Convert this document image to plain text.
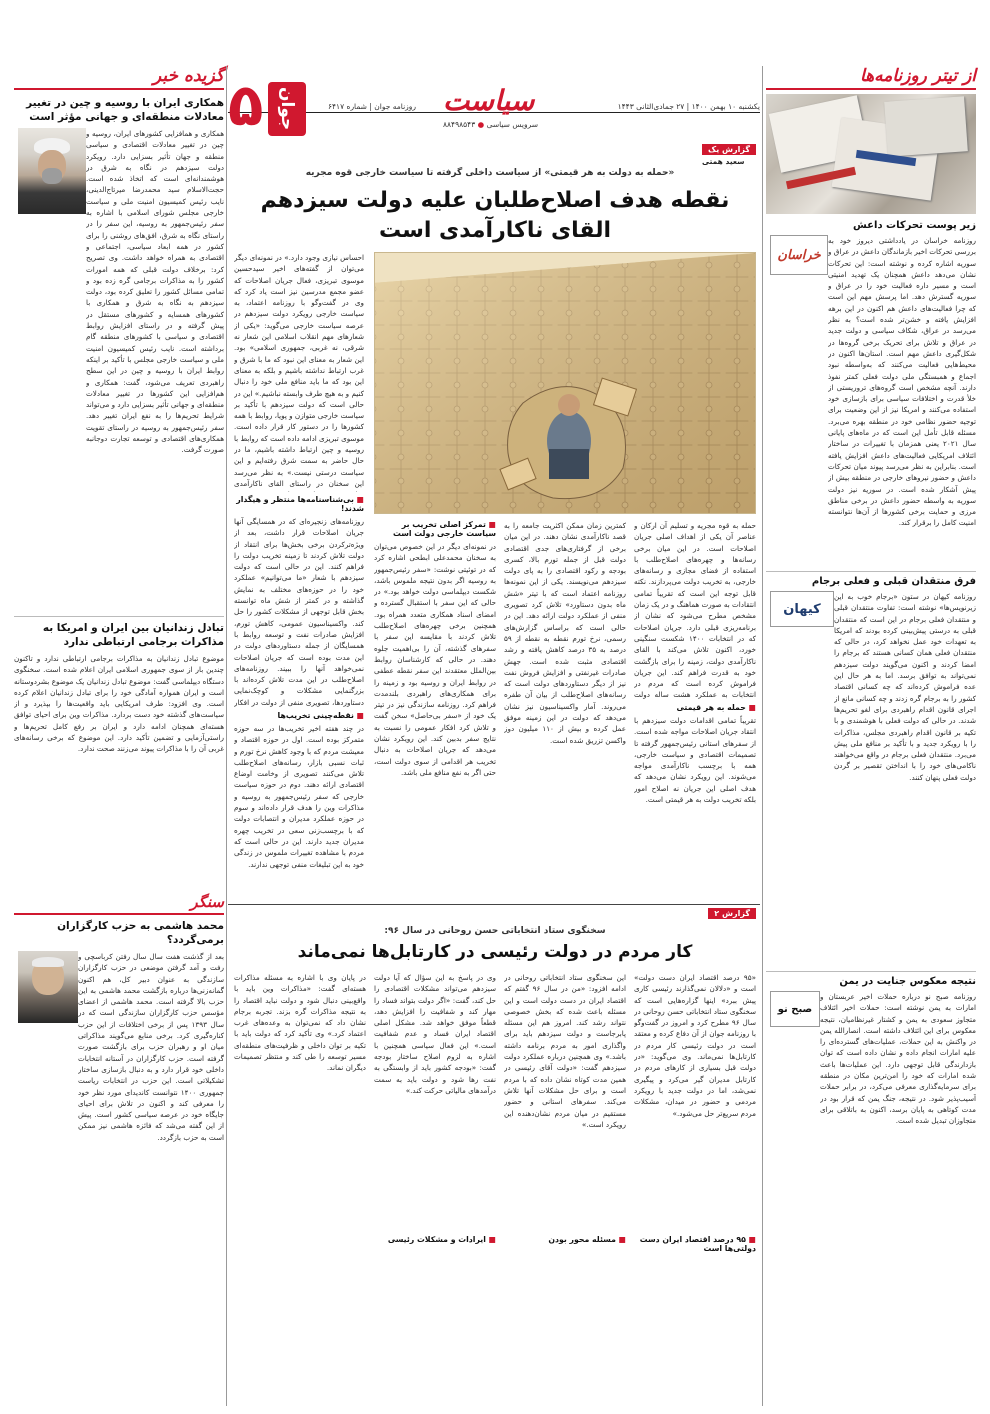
۵ جوان	سیاست
سرویس سیاسی ● ۸۸۴۹۸۵۴۳
یکشنبه ۱۰ بهمن ۱۴۰۰ | ۲۷ جمادی‌الثانی ۱۴۴۳
روزنامه جوان | شماره ۶۴۱۷
از تیتر روزنامه‌ها
زیر پوست تحرکات داعش
خراسان
روزنامه خراسان در یادداشتی دیروز خود به بررسی تحرکات اخیر بازماندگان داعش در عراق و سوریه اشاره کرده و نوشته است: این تحرکات نشان می‌دهد داعش همچنان یک تهدید امنیتی است و مسیر داره فعالیت خود را در عراق و سوریه گسترش دهد. اما پرسش مهم این است که چرا فعالیت‌های داعش هم اکنون در این برهه افزایش یافته و خشن‌تر شده است؟ به نظر می‌رسد در عراق، شکاف سیاسی و دولت جدید در عراق و تلاش برای تحریک برخی گروه‌ها در شکل‌گیری داعش مهم است. استان‌ها اکنون در محیط‌هایی فعالیت می‌کنند که به‌واسطه نبود اجماع و همبستگی ملی دولت فعلی کمتر نفوذ دارند. آنچه مشخص است گروه‌های تروریستی از خلأ قدرت و اختلافات سیاسی برای بازسازی خود استفاده می‌کنند و امریکا نیز از این وضعیت برای توجیه حضور نظامی خود در منطقه بهره می‌برد. مسئله قابل تأمل این است که در ماه‌های پایانی سال ۲۰۲۱ یعنی همزمان با تغییرات در ساختار ائتلاف امریکایی فعالیت‌های داعش افزایش یافته است. بنابراین به نظر می‌رسد پیوند میان تحرکات داعش و حضور نیروهای خارجی در منطقه بیش از پیش آشکار شده است. در سوریه نیز دولت سوریه به واسطه حضور داعش در برخی مناطق مرزی و حمایت برخی کشورها از آن‌ها نتوانسته امنیت کامل را برقرار کند.
فرق منتقدان قبلی و فعلی برجام
کیهان
روزنامه کیهان در ستون «برجام خوب به این زیرنویس‌ها» نوشته است: تفاوت منتقدان قبلی و منتقدان فعلی برجام در این است که منتقدان قبلی به درستی پیش‌بینی کرده بودند که امریکا به تعهدات خود عمل نخواهد کرد، در حالی که منتقدان فعلی همان کسانی هستند که برجام را امضا کردند و اکنون می‌گویند دولت سیزدهم نمی‌تواند به توافق برسد. اما به هر حال این عده فراموش کرده‌اند که چه کسانی اقتصاد کشور را به برجام گره زدند و چه کسانی مانع از اجرای قانون اقدام راهبردی برای لغو تحریم‌ها شدند. در حالی که دولت فعلی با هوشمندی و با تکیه بر قانون اقدام راهبردی مجلس، مذاکرات را با رویکرد جدید و با تأکید بر منافع ملی پیش می‌برد. منتقدان فعلی برجام در واقع می‌خواهند ناکامی‌های خود را با انداختن تقصیر بر گردن دولت فعلی پنهان کنند.
نتیجه معکوس جنایت در یمن
صبح نو
روزنامه صبح نو درباره حملات اخیر عربستان و امارات به یمن نوشته است: حملات اخیر ائتلاف متجاوز سعودی به یمن و کشتار غیرنظامیان، نتیجه معکوس برای این ائتلاف داشته است. انصارالله یمن در واکنش به این حملات، عملیات‌های گسترده‌ای را علیه امارات انجام داده و نشان داده است که توان بازدارندگی قابل توجهی دارد. این عملیات‌ها باعث شده امارات که خود را امن‌ترین مکان در منطقه برای سرمایه‌گذاری معرفی می‌کرد، در برابر حملات آسیب‌پذیر شود. در نتیجه، جنگ یمن که قرار بود در مدت کوتاهی به پایان برسد، اکنون به باتلاقی برای متجاوزان تبدیل شده است.
گزیده خبر
همکاری ایران با روسیه و چین در تغییر معادلات منطقه‌ای و جهانی مؤثر است
همکاری و همافزایی کشورهای ایران، روسیه و چین در تغییر معادلات اقتصادی و سیاسی منطقه و جهان تأثیر بسزایی دارد. رویکرد دولت سیزدهم در نگاه به شرق در هوشمندانه‌ای است که اتخاذ شده است. حجت‌الاسلام سید محمدرضا میرتاج‌الدینی، نایب رئیس کمیسیون امنیت ملی و سیاست خارجی مجلس شورای اسلامی با اشاره به سفر رئیس‌جمهور به روسیه، این سفر را در راستای نگاه به شرق، افق‌های روشنی را برای کشور در همه ابعاد سیاسی، اجتماعی و اقتصادی به همراه خواهد داشت. وی تصریح کرد: برخلاف دولت قبلی که همه امورات کشور را به مذاکرات برجامی گره زده بود و تمامی مسائل کشور را تعلیق کرده بود، دولت سیزدهم به نگاه به شرق و همکاری با کشورهای همسایه و کشورهای مستقل در پیش گرفته و در راستای افزایش روابط اقتصادی و سیاسی با کشورهای منطقه گام برداشته است. نایب رئیس کمیسیون امنیت ملی و سیاست خارجی مجلس با تأکید بر اینکه روابط ایران با روسیه و چین در این سطح راهبردی تعریف می‌شود، گفت: همکاری و هم‌افزایی این کشورها در تغییر معادلات منطقه‌ای و جهانی تأثیر بسزایی دارد و می‌تواند شرایط تحریم‌ها را به نفع ایران تغییر دهد. سفر رئیس‌جمهور به روسیه در راستای تقویت همکاری‌های اقتصادی و توسعه تجارت دوجانبه صورت گرفت.
تبادل زندانیان بین ایران و امریکا به مذاکرات برجامی ارتباطی ندارد
موضوع تبادل زندانیان به مذاکرات برجامی ارتباطی ندارد و تاکنون چندین بار از سوی جمهوری اسلامی ایران اعلام شده است. سخنگوی دستگاه دیپلماسی گفت: موضوع تبادل زندانیان یک موضوع بشردوستانه است و ایران همواره آمادگی خود را برای تبادل زندانیان اعلام کرده است. وی افزود: طرف امریکایی باید واقعیت‌ها را بپذیرد و از سیاست‌های گذشته خود دست بردارد. مذاکرات وین برای احیای توافق هسته‌ای همچنان ادامه دارد و ایران بر رفع کامل تحریم‌ها و راستی‌آزمایی و تضمین تأکید دارد. این موضوع که برخی رسانه‌های غربی آن را با مذاکرات پیوند می‌زنند صحت ندارد.
سنگر
محمد هاشمی به حزب کارگزاران برمی‌گردد؟
بعد از گذشت هفت سال سال رفتن کرباسچی و رفت و آمد گرفتن موضعی در حزب کارگزاران سازندگی به عنوان دبیر کل، هم اکنون گمانه‌زنی‌ها درباره بازگشت محمد هاشمی به این حزب بالا گرفته است. محمد هاشمی از اعضای مؤسس حزب کارگزاران سازندگی است که در سال ۱۳۹۳ پس از برخی اختلافات از این حزب کناره‌گیری کرد. برخی منابع می‌گویند مذاکراتی میان او و رهبران حزب برای بازگشت صورت گرفته است. حزب کارگزاران در آستانه انتخابات داخلی خود قرار دارد و به دنبال بازسازی ساختار تشکیلاتی است. این حزب در انتخابات ریاست جمهوری ۱۴۰۰ نتوانست کاندیدای مورد نظر خود را معرفی کند و اکنون در تلاش برای احیای جایگاه خود در عرصه سیاسی کشور است. پیش از این گفته می‌شد که فائزه هاشمی نیز ممکن است به حزب بازگردد.
گزارش یک
سعید همتی
«حمله به دولت به هر قیمتی» از سیاست داخلی گرفته تا سیاست خارجی قوه مجریه
نقطه هدف اصلاح‌طلبان علیه دولت سیزدهم
القای ناکارآمدی است
احساس نیازی وجود دارد.» در نمونه‌ای دیگر می‌توان از گفته‌های اخیر سیدحسین موسوی تبریزی، فعال جریان اصلاحات که عضو مجمع مدرسین نیز است یاد کرد که وی در گفت‌وگو با روزنامه اعتماد، به سیاست خارجی رویکرد دولت سیزدهم در عرصه سیاست خارجی می‌گوید: «یکی از شعارهای مهم انقلاب اسلامی این شعار نه شرقی، نه غربی، جمهوری اسلامی» بود. این شعار به معنای این نبود که ما با شرق و غرب ارتباط نداشته باشیم و بلکه به معنای این بود که ما باید منافع ملی خود را دنبال کنیم و به هیچ طرف وابسته نباشیم.» این در حالی است که دولت سیزدهم با تأکید بر سیاست خارجی متوازن و پویا، روابط با همه کشورها را در دستور کار قرار داده است. موسوی تبریزی ادامه داده است که روابط با روسیه و چین ارتباط داشته باشیم، ما در حال حاضر به سمت شرق رفته‌ایم و این سیاست درستی نیست.» به نظر می‌رسد این سخنان در راستای القای ناکارآمدی
■ بی‌شناسنامه‌ها منتظر و هیگدار شدند!
روزنامه‌های زنجیره‌ای که در همسایگی آنها جریان اصلاحات قرار داشت، بعد از ویژه‌ترکردن برخی بخش‌ها برای انتقاد از دولت تلاش کردند تا زمینه تخریب دولت را فراهم کنند. این در حالی است که دولت سیزدهم با شعار «ما می‌توانیم» عملکرد خود را در حوزه‌های مختلف به نمایش گذاشته و در کمتر از شش ماه توانسته بخش قابل توجهی از مشکلات کشور را حل کند. واکسیناسیون عمومی، کاهش تورم، افزایش صادرات نفت و توسعه روابط با همسایگان از جمله دستاوردهای دولت در این مدت بوده است که جریان اصلاحات نمی‌خواهد آنها را ببیند. روزنامه‌های اصلاح‌طلب در این مدت تلاش کرده‌اند با بزرگنمایی مشکلات و کوچک‌نمایی دستاوردها، تصویری منفی از دولت در افکار
■ نقطه‌چینی تخریب‌ها
در چند هفته اخیر تخریب‌ها در سه حوزه متمرکز بوده است. اول در حوزه اقتصاد و معیشت مردم که با وجود کاهش نرخ تورم و ثبات نسبی بازار، رسانه‌های اصلاح‌طلب تلاش می‌کنند تصویری از وخامت اوضاع اقتصادی ارائه دهند. دوم در حوزه سیاست خارجی که سفر رئیس‌جمهور به روسیه و مذاکرات وین را هدف قرار داده‌اند و سوم در حوزه عملکرد مدیران و انتصابات دولت که با برچسب‌زنی سعی در تخریب چهره مدیران جدید دارند. این در حالی است که مردم با مشاهده تغییرات ملموس در زندگی خود به این تبلیغات منفی توجهی ندارند.
حمله به قوه مجریه و تسلیم آن ارکان و عناصر آن یکی از اهداف اصلی جریان اصلاحات است. در این میان برخی رسانه‌ها و چهره‌های اصلاح‌طلب با استفاده از فضای مجازی و رسانه‌های خارجی، به تخریب دولت می‌پردازند. نکته قابل توجه این است که تقریباً تمامی انتقادات به صورت هماهنگ و در یک زمان مشخص مطرح می‌شود که نشان از برنامه‌ریزی قبلی دارد. جریان اصلاحات که در انتخابات ۱۴۰۰ شکست سنگینی خورد، اکنون تلاش می‌کند با القای ناکارآمدی دولت، زمینه را برای بازگشت خود به قدرت فراهم کند. این جریان فراموش کرده است که مردم در انتخابات به عملکرد هشت ساله دولت
■ حمله به هر قیمتی
تقریباً تمامی اقدامات دولت سیزدهم با انتقاد جریان اصلاحات مواجه شده است. از سفرهای استانی رئیس‌جمهور گرفته تا تصمیمات اقتصادی و سیاست خارجی، همه با برچسب ناکارآمدی مواجه می‌شوند. این رویکرد نشان می‌دهد که هدف اصلی این جریان نه اصلاح امور بلکه تخریب دولت به هر قیمتی است.
کمترین زمان ممکن اکثریت جامعه را به قصد ناکارآمدی نشان دهند. در این میان برخی از گرفتاری‌های جدی اقتصادی دولت قبل از جمله تورم بالا، کسری بودجه و رکود اقتصادی را به پای دولت سیزدهم می‌نویسند. یکی از این نمونه‌ها روزنامه اعتماد است که با تیتر «شش ماه بدون دستاورد» تلاش کرد تصویری منفی از عملکرد دولت ارائه دهد. این در حالی است که براساس گزارش‌های رسمی، نرخ تورم نقطه به نقطه از ۵۹ درصد به ۳۵ درصد کاهش یافته و رشد اقتصادی مثبت شده است. جهش صادرات غیرنفتی و افزایش فروش نفت نیز از دیگر دستاوردهای دولت است که رسانه‌های اصلاح‌طلب از بیان آن طفره می‌روند. آمار واکسیناسیون نیز نشان می‌دهد که دولت در این زمینه موفق عمل کرده و بیش از ۱۱۰ میلیون دوز واکسن تزریق شده است.
■ تمرکز اصلی تخریب بر سیاست خارجی دولت است
در نمونه‌ای دیگر در این خصوص می‌توان به سخنان محمدعلی ابطحی اشاره کرد که در توئیتی نوشت: «سفر رئیس‌جمهور به روسیه اگر بدون نتیجه ملموس باشد، شکست دیپلماسی دولت خواهد بود.» در حالی که این سفر با استقبال گسترده و امضای اسناد همکاری متعدد همراه بود. همچنین برخی چهره‌های اصلاح‌طلب تلاش کردند با مقایسه این سفر با سفرهای گذشته، آن را بی‌اهمیت جلوه دهند. در حالی که کارشناسان روابط بین‌الملل معتقدند این سفر نقطه عطفی در روابط ایران و روسیه بود و زمینه را برای همکاری‌های راهبردی بلندمدت فراهم کرد. روزنامه سازندگی نیز در تیتر یک خود از «سفر بی‌حاصل» سخن گفت و تلاش کرد افکار عمومی را نسبت به نتایج سفر بدبین کند. این رویکرد نشان می‌دهد که جریان اصلاحات به دنبال تخریب هر اقدامی از سوی دولت است، حتی اگر به نفع منافع ملی باشد.
گزارش ۲
سخنگوی ستاد انتخاباتی حسن روحانی در سال ۹۶:
کار مردم در دولت رئیسی در کارتابل‌ها نمی‌ماند
«۹۵ درصد اقتصاد ایران دست دولت» است و «دلالان نمی‌گذارند رئیسی کاری پیش ببرد» اینها گزاره‌هایی است که سخنگوی ستاد انتخاباتی حسن روحانی در سال ۹۶ مطرح کرد و امروز در گفت‌وگو با روزنامه جوان از آن دفاع کرده و معتقد است در دولت رئیسی کار مردم در کارتابل‌ها نمی‌ماند. وی می‌گوید: «در دولت قبل بسیاری از کارهای مردم در کارتابل مدیران گیر می‌کرد و پیگیری نمی‌شد، اما در دولت جدید با رویکرد مردمی و حضور در میدان، مشکلات مردم سریع‌تر حل می‌شود.»
■ ۹۵ درصد اقتصاد ایران دست دولتی‌ها است
این سخنگوی ستاد انتخاباتی روحانی در ادامه افزود: «من در سال ۹۶ گفتم که اقتصاد ایران در دست دولت است و این مسئله باعث شده که بخش خصوصی نتواند رشد کند. امروز هم این مسئله پابرجاست و دولت سیزدهم باید برای واگذاری امور به مردم برنامه داشته باشد.» وی همچنین درباره عملکرد دولت سیزدهم گفت: «دولت آقای رئیسی در همین مدت کوتاه نشان داده که با مردم است و برای حل مشکلات آنها تلاش می‌کند. سفرهای استانی و حضور مستقیم در میان مردم نشان‌دهنده این رویکرد است.»
■ مسئله محور بودن
وی در پاسخ به این سؤال که آیا دولت سیزدهم می‌تواند مشکلات اقتصادی را حل کند، گفت: «اگر دولت بتواند فساد را مهار کند و شفافیت را افزایش دهد، قطعاً موفق خواهد شد. مشکل اصلی اقتصاد ایران فساد و عدم شفافیت است.» این فعال سیاسی همچنین با اشاره به لزوم اصلاح ساختار بودجه گفت: «بودجه کشور باید از وابستگی به نفت رها شود و دولت باید به سمت درآمدهای مالیاتی حرکت کند.»
■ ایرادات و مشکلات رئیسی
در پایان وی با اشاره به مسئله مذاکرات هسته‌ای گفت: «مذاکرات وین باید با واقع‌بینی دنبال شود و دولت نباید اقتصاد را به نتیجه مذاکرات گره بزند. تجربه برجام نشان داد که نمی‌توان به وعده‌های غرب اعتماد کرد.» وی تأکید کرد که دولت باید با تکیه بر توان داخلی و ظرفیت‌های منطقه‌ای مسیر توسعه را طی کند و منتظر تصمیمات دیگران نماند.
